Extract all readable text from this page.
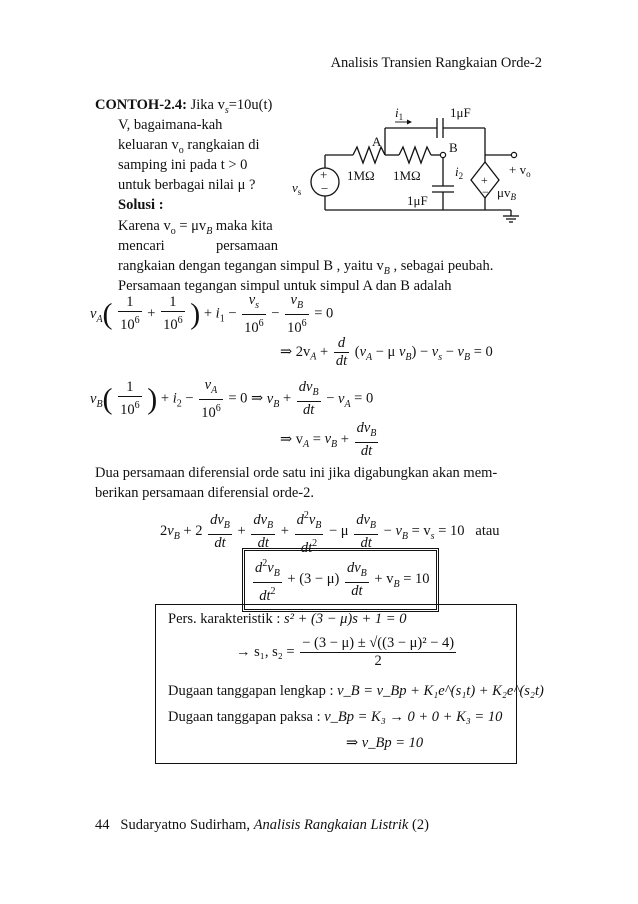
Analisis Transien Rangkaian Orde-2
CONTOH-2.4: Jika $v_s=10u(t)$
V, bagaimana-kah
keluaran $v_o$ rangkaian di
samping ini pada t > 0
untuk berbagai nilai μ ?
Solusi :
Karena $v_o = \mu v_B$ maka kita
mencari	persamaan
rangkaian dengan tegangan simpul B , yaitu $v_B$ , sebagai peubah.
Persamaan tegangan simpul untuk simpul A dan B adalah
$i_1$	1μF
A	B
1MΩ 1MΩ	$i_2$
1μF
$v_s$
+
−
+
−
+ $v_o$
$\mu v_B$
$v_A( \frac{1}{10^6} + \frac{1}{10^6}$ ) + $i_1 - \frac{v_s}{10^6} - \frac{v_B}{10^6} = 0$
⇒ $2v_A + \frac{d}{dt} (v_A - \mu$ $v_B) - v_s - v_B = 0$
$v_B( \frac{1}{10^6}$ ) + $i_2 - \frac{v_A}{10^6} = 0$ ⇒ $v_B + \frac{dv_B}{dt} - v_A = 0$
⇒ $v_A = v_B + \frac{dv_B}{dt}$
Dua persamaan diferensial orde satu ini jika digabungkan akan mem-
berikan persamaan diferensial orde-2.
$2v_B + 2 \frac{dv_B}{dt} + \frac{dv_B}{dt} + \frac{d^2v_B}{dt^2} - \mu \frac{dv_B}{dt} - v_B = v_s = 10$ atau
$\frac{d^2v_B}{dt^2} + (3 - \mu) \frac{dv_B}{dt} + v_B = 10$
Pers. karakteristik : s² + (3 − μ)s + 1 = 0
→ s₁, $s_2 = \frac{\text{− (3 − μ) ± √((3 − μ)² − 4)}}{2}$
Dugaan tanggapan lengkap : v_B = v_Bp + K₁e^(s₁t) + K₂e^(s₂t)
Dugaan tanggapan paksa : v_Bp = K₃ → 0 + 0 + K₃ = 10
⇒ v_Bp = 10
44 Sudaryatno Sudirham, Analisis Rangkaian Listrik (2)
